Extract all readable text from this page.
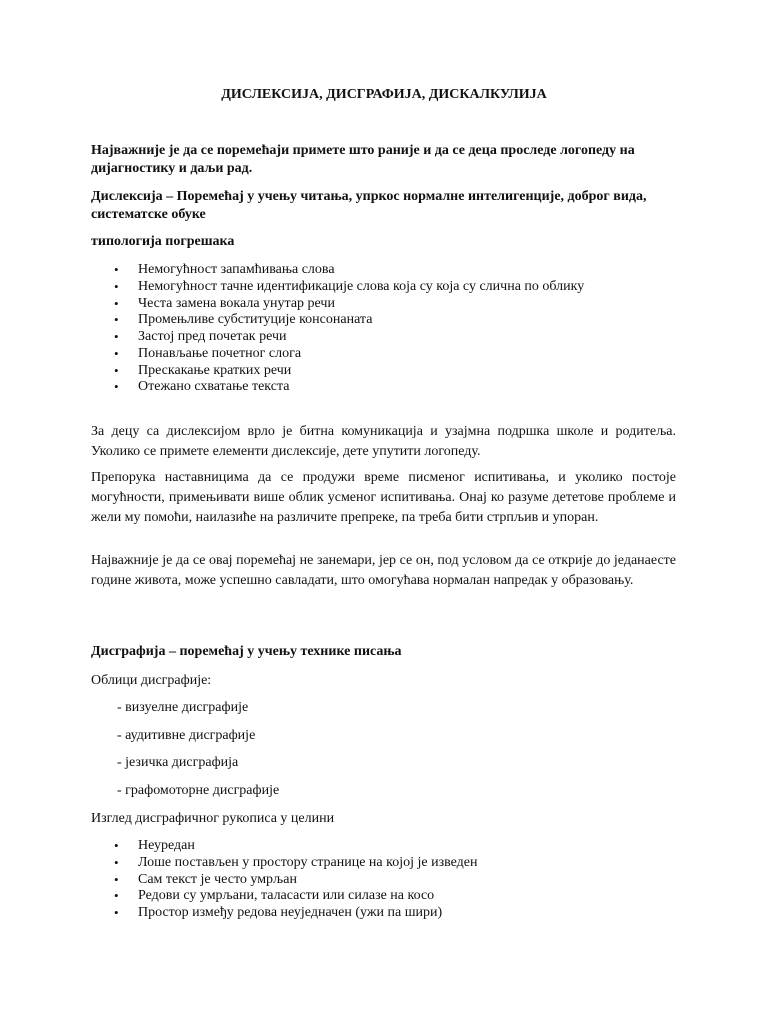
ДИСЛЕКСИЈА, ДИСГРАФИЈА, ДИСКАЛКУЛИЈА

Најважније је да се поремећаји примете што раније и да се деца проследе логопеду на дијагностику и даљи рад.

Дислексија – Поремећај у учењу читања, упркос нормалне интелигенције, доброг вида, систематске обуке

типологија погрешака

• Немогућност запамћивања слова
• Немогућност тачне идентификације слова која су која су слична по облику
• Честа замена вокала унутар речи
• Промењливе субституције консонаната
• Застој пред почетак речи
• Понављање почетног слога
• Прескакање кратких речи
• Отежано схватање текста

За децу са дислексијом врло је битна комуникација и узајмна подршка школе и родитеља. Уколико се примете елементи дислексије, дете упутити логопеду.

Препорука наставницима да се продужи време писменог испитивања, и уколико постоје могућности, примењивати више облик усменог испитивања. Онај ко разуме дететове проблеме и жели му помоћи, наилазиће на различите препреке, па треба бити стрпљив и упоран.

Најважније је да се овај поремећај не занемари, јер се он, под условом да се открије до једанаесте године живота, може успешно савладати, што омогућава нормалан напредак у образовању.

Дисграфија – поремећај у учењу технике писања

Облици дисграфије:

- визуелне дисграфије

- аудитивне дисграфије

- језичка дисграфија

- графомоторне дисграфије

Изглед дисграфичног рукописа у целини

• Неуредан
• Лоше постављен у простору странице на којој је изведен
• Сам текст је често умрљан
• Редови су умрљани, таласасти или силазе на косо
• Простор између редова неуједначен (ужи па шири)
